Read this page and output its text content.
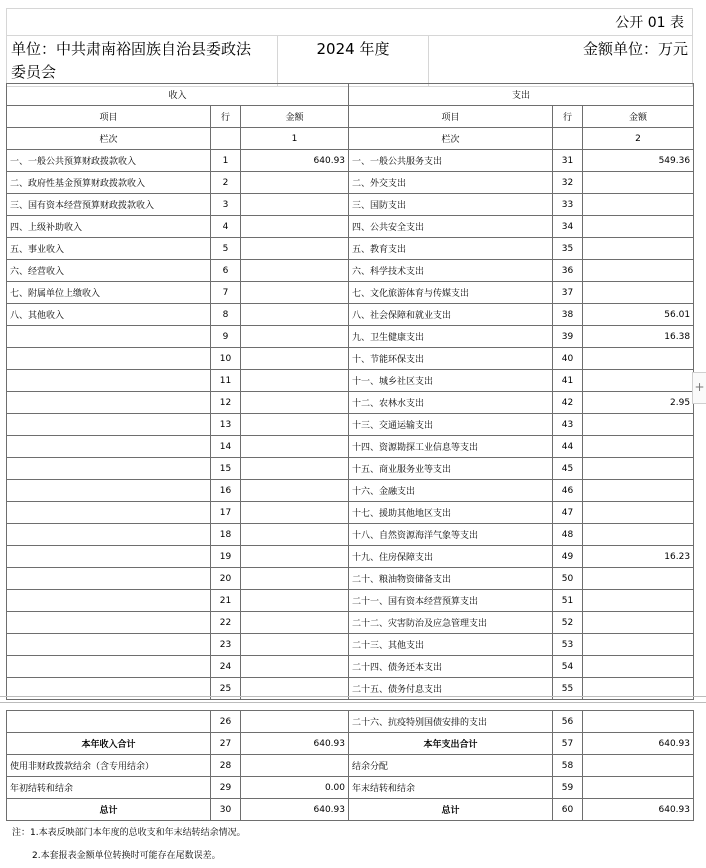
公开 01 表
单位：中共肃南裕固族自治县委政法
委员会	2024 年度	金额单位：万元
收入			支出		
项目	行	金额	项目	行	金额
栏次		1	栏次		2
一、一般公共预算财政拨款收入	1	640.93	一、一般公共服务支出	31	549.36
二、政府性基金预算财政拨款收入	2		二、外交支出	32	
三、国有资本经营预算财政拨款收入	3		三、国防支出	33	
四、上级补助收入	4		四、公共安全支出	34	
五、事业收入	5		五、教育支出	35	
六、经营收入	6		六、科学技术支出	36	
七、附属单位上缴收入	7		七、文化旅游体育与传媒支出	37	
八、其他收入	8		八、社会保障和就业支出	38	56.01
	9		九、卫生健康支出	39	16.38
	10		十、节能环保支出	40	
	11		十一、城乡社区支出	41	
	12		十二、农林水支出	42	2.95
	13		十三、交通运输支出	43	
	14		十四、资源勘探工业信息等支出	44	
	15		十五、商业服务业等支出	45	
	16		十六、金融支出	46	
	17		十七、援助其他地区支出	47	
	18		十八、自然资源海洋气象等支出	48	
	19		十九、住房保障支出	49	16.23
	20		二十、粮油物资储备支出	50	
	21		二十一、国有资本经营预算支出	51	
	22		二十二、灾害防治及应急管理支出	52	
	23		二十三、其他支出	53	
	24		二十四、债务还本支出	54	
	25		二十五、债务付息支出	55	
	26		二十六、抗疫特别国债安排的支出	56	
本年收入合计	27	640.93	本年支出合计	57	640.93
使用非财政拨款结余（含专用结余）	28		结余分配	58	
年初结转和结余	29	0.00	年末结转和结余	59	
总计	30	640.93	总计	60	640.93
注：1.本表反映部门本年度的总收支和年末结转结余情况。
2.本套报表金额单位转换时可能存在尾数误差。
+
